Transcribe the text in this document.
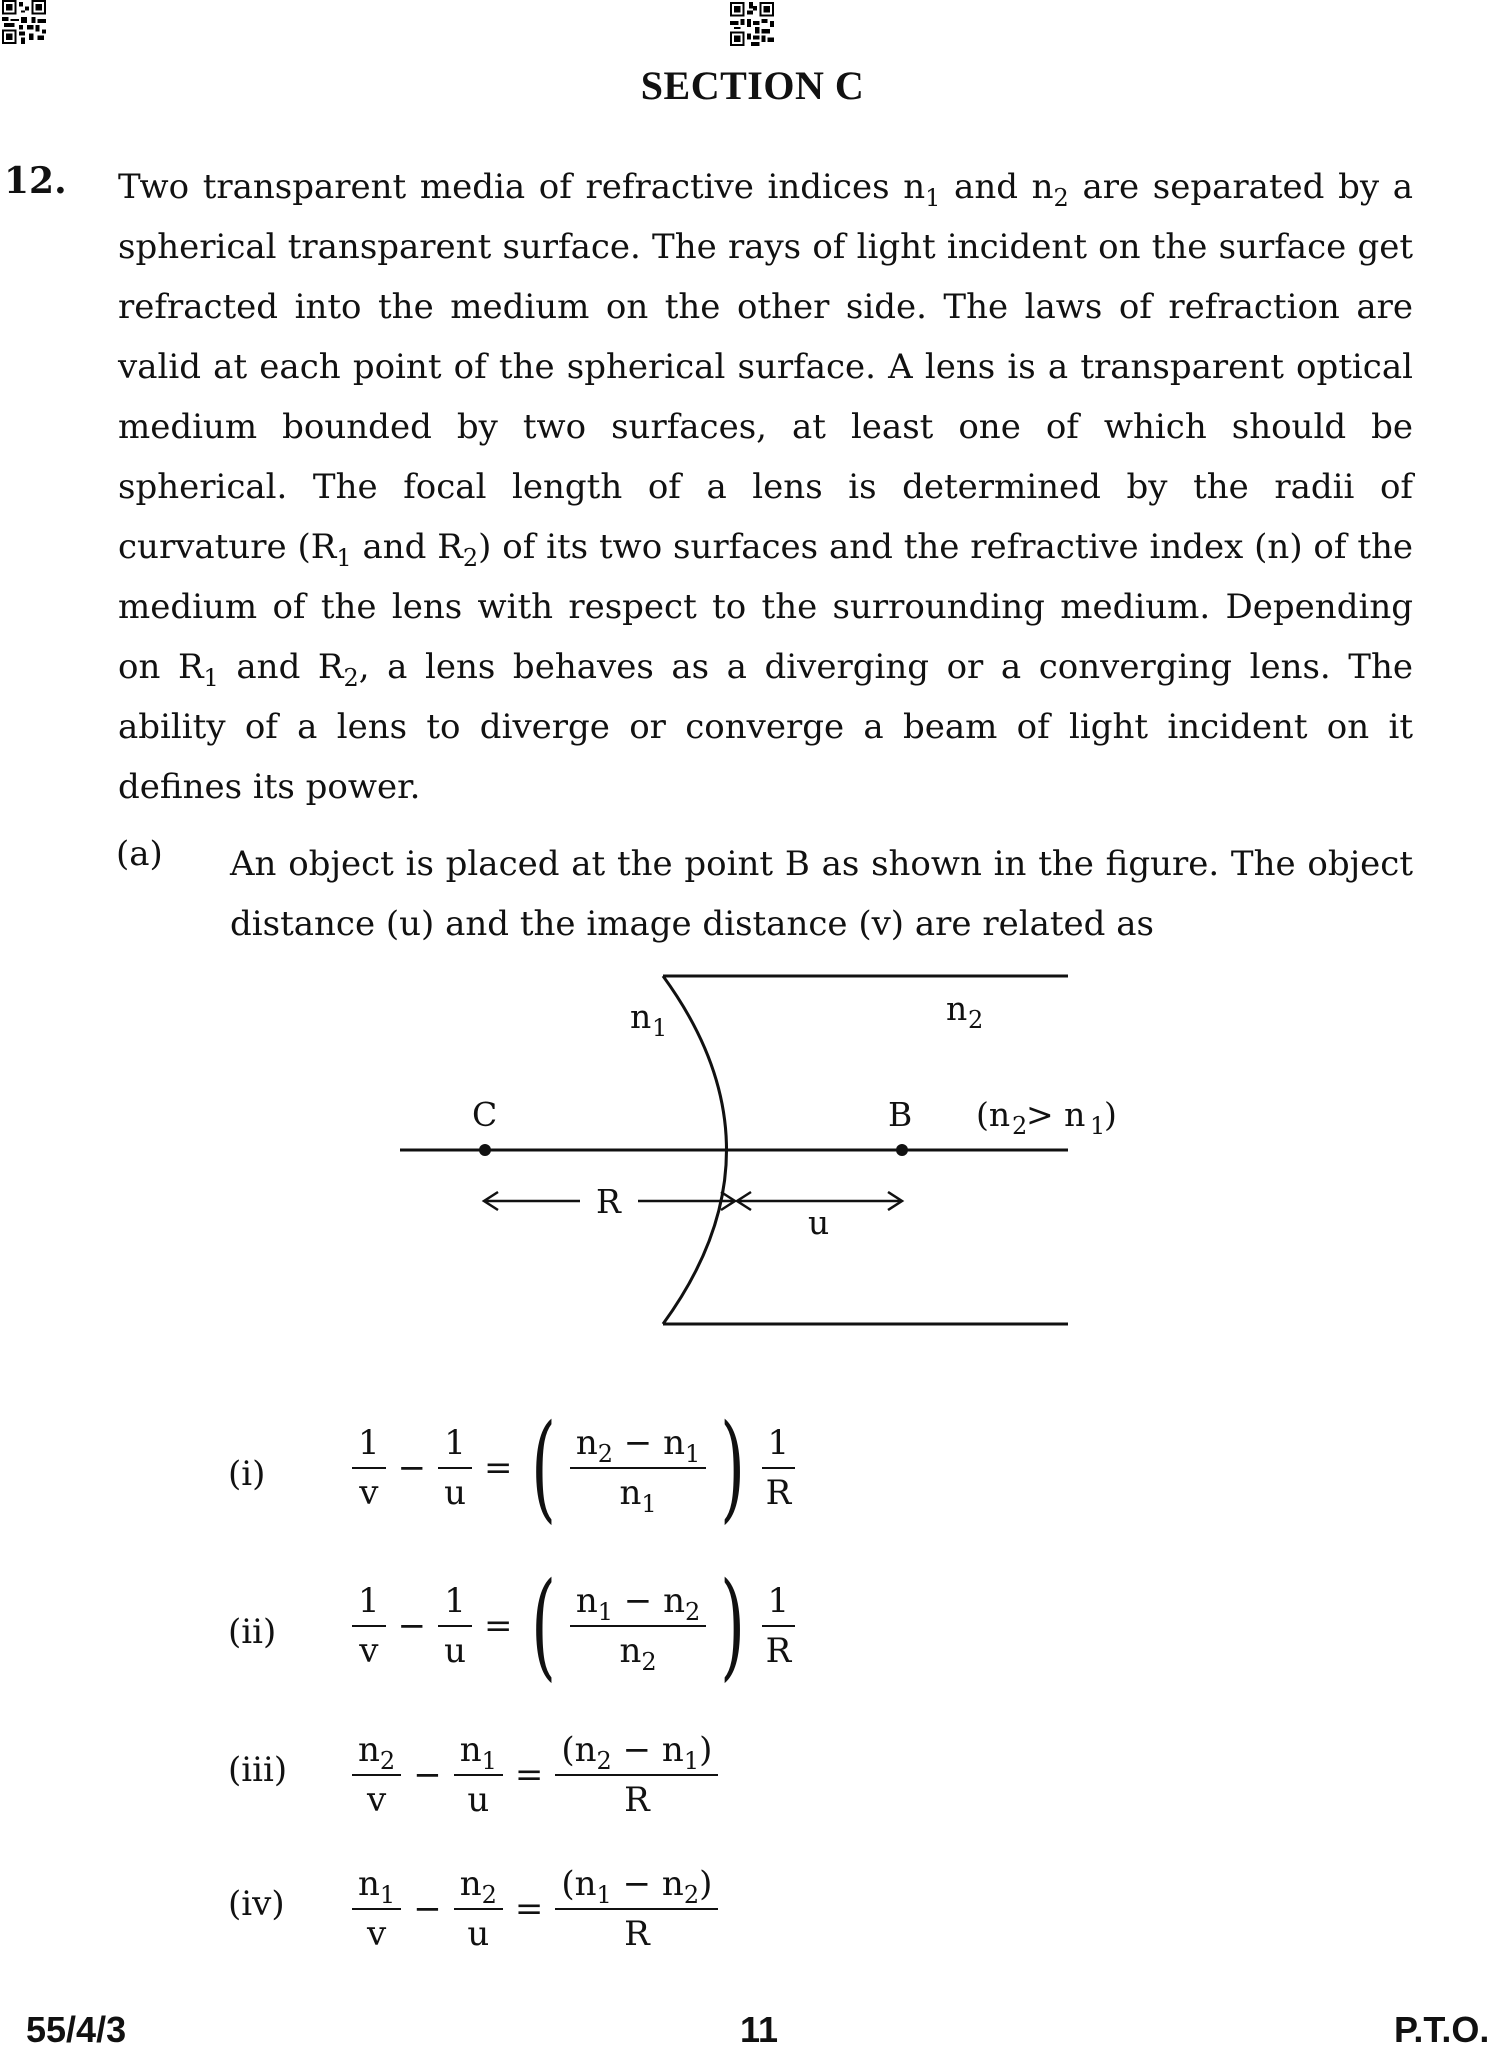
SECTION C
12. Two transparent media of refractive indices $n_1$ and $n_2$ are separated by a spherical transparent surface. The rays of light incident on the surface get refracted into the medium on the other side. The laws of refraction are valid at each point of the spherical surface. A lens is a transparent optical medium bounded by two surfaces, at least one of which should be spherical. The focal length of a lens is determined by the radii of curvature ($R_1$ and $R_2$) of its two surfaces and the refractive index (n) of the medium of the lens with respect to the surrounding medium. Depending on $R_1$ and $R_2$, a lens behaves as a diverging or a converging lens. The ability of a lens to diverge or converge a beam of light incident on it defines its power.
(a) An object is placed at the point B as shown in the figure. The object distance (u) and the image distance (v) are related as
n 1	n 2
C	B (n 2
> n 1
)
R
u
(i)	$\frac{1}{v} - \frac{1}{u}$ = ( $\frac{n_2 - n_1}{n_1}$ ) $\frac{1}{R}$
$(ii) \frac{1}{v} - \frac{1}{u}$ = ( $\frac{n_1 - n_2}{n_2}$ ) $\frac{1}{R}$
$(iii) \frac{n_2}{v} - \frac{n_1}{u} = \frac{(n_2 - n_1)}{R}$
$(iv) \frac{n_1}{v} - \frac{n_2}{u} = \frac{(n_1 - n_2)}{R}$
55/4/3	11	P.T.O.
